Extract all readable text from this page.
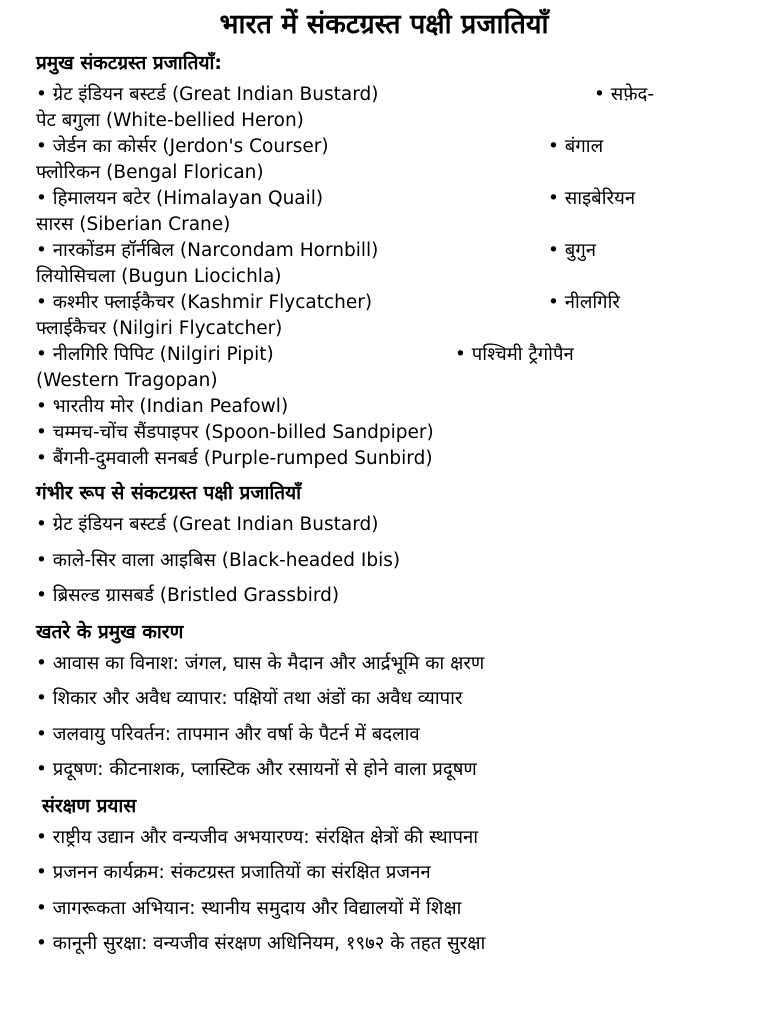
भारत में संकटग्रस्त पक्षी प्रजातियाँ
प्रमुख संकटग्रस्त प्रजातियाँ:
• ग्रेट इंडियन बस्टर्ड (Great Indian Bustard)	• सफ़ेद-
पेट बगुला (White-bellied Heron)
• जेर्डन का कोर्सर (Jerdon's Courser)	• बंगाल
फ्लोरिकन (Bengal Florican)
• हिमालयन बटेर (Himalayan Quail)	• साइबेरियन
सारस (Siberian Crane)
• नारकोंडम हॉर्नबिल (Narcondam Hornbill)	• बुगुन
लियोसिचला (Bugun Liocichla)
• कश्मीर फ्लाईकैचर (Kashmir Flycatcher)	• नीलगिरि
फ्लाईकैचर (Nilgiri Flycatcher)
• नीलगिरि पिपिट (Nilgiri Pipit)	• पश्चिमी ट्रैगोपैन
(Western Tragopan)
• भारतीय मोर (Indian Peafowl)
• चम्मच-चोंच सैंडपाइपर (Spoon-billed Sandpiper)
• बैंगनी-दुमवाली सनबर्ड (Purple-rumped Sunbird)
गंभीर रूप से संकटग्रस्त पक्षी प्रजातियाँ
• ग्रेट इंडियन बस्टर्ड (Great Indian Bustard)
• काले-सिर वाला आइबिस (Black-headed Ibis)
• ब्रिसल्ड ग्रासबर्ड (Bristled Grassbird)
खतरे के प्रमुख कारण
• आवास का विनाश: जंगल, घास के मैदान और आर्द्रभूमि का क्षरण
• शिकार और अवैध व्यापार: पक्षियों तथा अंडों का अवैध व्यापार
• जलवायु परिवर्तन: तापमान और वर्षा के पैटर्न में बदलाव
• प्रदूषण: कीटनाशक, प्लास्टिक और रसायनों से होने वाला प्रदूषण
संरक्षण प्रयास
• राष्ट्रीय उद्यान और वन्यजीव अभयारण्य: संरक्षित क्षेत्रों की स्थापना
• प्रजनन कार्यक्रम: संकटग्रस्त प्रजातियों का संरक्षित प्रजनन
• जागरूकता अभियान: स्थानीय समुदाय और विद्यालयों में शिक्षा
• कानूनी सुरक्षा: वन्यजीव संरक्षण अधिनियम, १९७२ के तहत सुरक्षा
